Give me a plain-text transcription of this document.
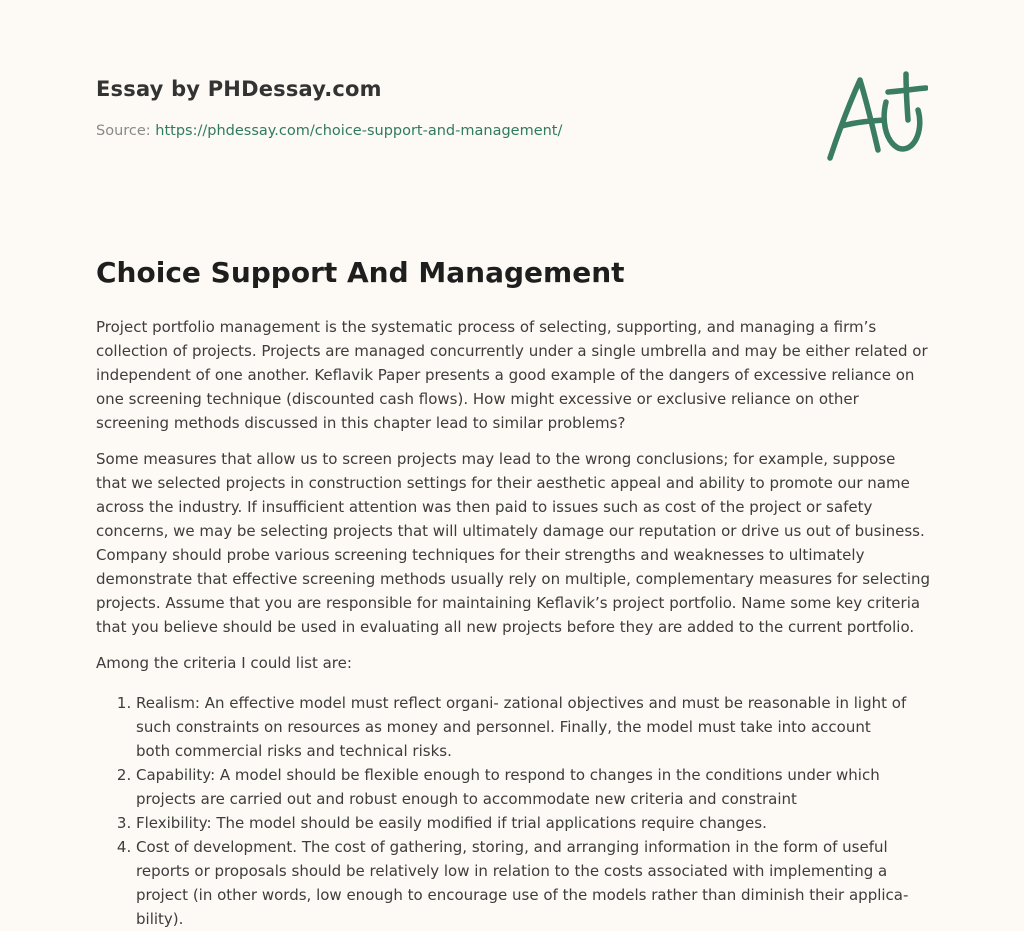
Essay by PHDessay.com
Source: https://phdessay.com/choice-support-and-management/
Choice Support And Management

Project portfolio management is the systematic process of selecting, supporting, and managing a firm’s collection of projects. Projects are managed concurrently under a single umbrella and may be either related or independent of one another. Keflavik Paper presents a good example of the dangers of excessive reliance on one screening technique (discounted cash flows). How might excessive or exclusive reliance on other screening methods discussed in this chapter lead to similar problems?

Some measures that allow us to screen projects may lead to the wrong conclusions; for example, suppose that we selected projects in construction settings for their aesthetic appeal and ability to promote our name across the industry. If insufficient attention was then paid to issues such as cost of the project or safety concerns, we may be selecting projects that will ultimately damage our reputation or drive us out of business. Company should probe various screening techniques for their strengths and weaknesses to ultimately demonstrate that effective screening methods usually rely on multiple, complementary measures for selecting projects. Assume that you are responsible for maintaining Keflavik’s project portfolio. Name some key criteria that you believe should be used in evaluating all new projects before they are added to the current portfolio.

Among the criteria I could list are:

1. Realism: An effective model must reflect organi- zational objectives and must be reasonable in light of such constraints on resources as money and personnel. Finally, the model must take into account
both commercial risks and technical risks.
2. Capability: A model should be flexible enough to respond to changes in the conditions under which projects are carried out and robust enough to accommodate new criteria and constraint
3. Flexibility: The model should be easily modified if trial applications require changes.
4. Cost of development. The cost of gathering, storing, and arranging information in the form of useful reports or proposals should be relatively low in relation to the costs associated with implementing a project (in other words, low enough to encourage use of the models rather than diminish their applica-bility).
